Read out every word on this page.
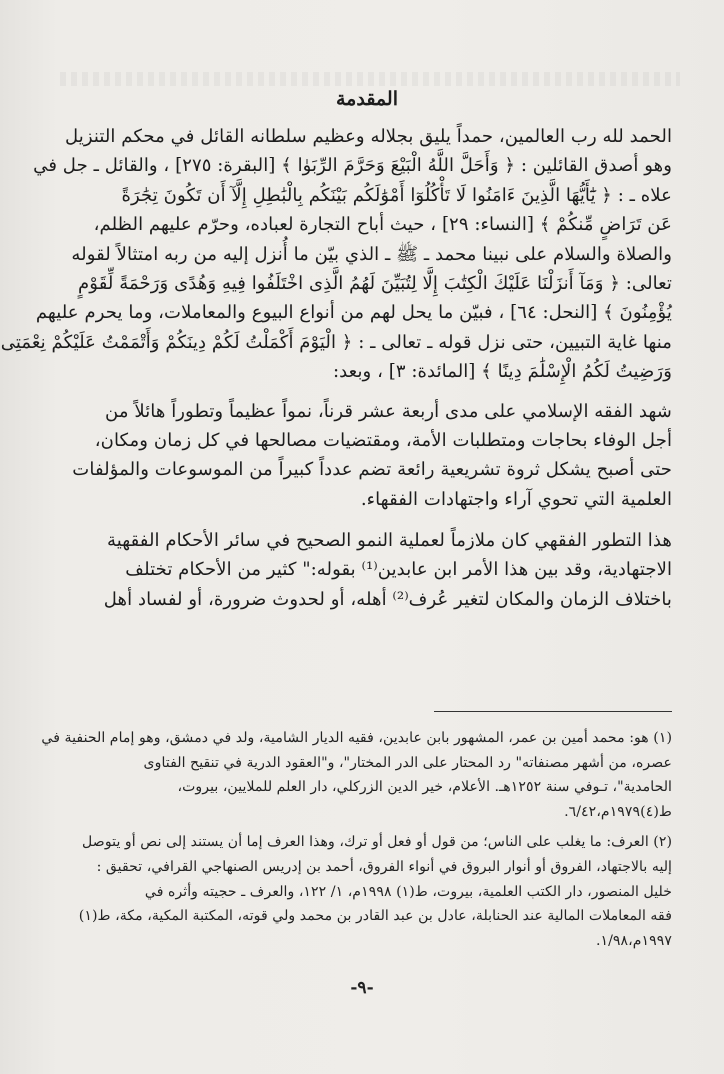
المقدمة

الحمد لله رب العالمين، حمداً يليق بجلاله وعظيم سلطانه القائل في محكم التنزيل
وهو أصدق القائلين : ﴿ وَأَحَلَّ اللَّهُ الْبَيْعَ وَحَرَّمَ الرِّبَوٰا ﴾ [البقرة: ٢٧٥] ، والقائل ـ جل في
علاه ـ : ﴿ يَٰٓأَيُّهَا الَّذِينَ ءَامَنُوا لَا تَأْكُلُوٓا أَمْوَٰلَكُم بَيْنَكُم بِالْبَٰطِلِ إِلَّآ أَن تَكُونَ تِجَٰرَةً
عَن تَرَاضٍ مِّنكُمْ ﴾ [النساء: ٢٩] ، حيث أباح التجارة لعباده، وحرّم عليهم الظلم،
والصلاة والسلام على نبينا محمد ـ ﷺ ـ الذي بيّن ما أُنزل إليه من ربه امتثالاً لقوله
تعالى: ﴿ وَمَآ أَنزَلْنَا عَلَيْكَ الْكِتَٰبَ إِلَّا لِتُبَيِّنَ لَهُمُ الَّذِى اخْتَلَفُوا فِيهِ وَهُدًى وَرَحْمَةً لِّقَوْمٍ
يُؤْمِنُونَ ﴾ [النحل: ٦٤] ، فبيّن ما يحل لهم من أنواع البيوع والمعاملات، وما يحرم عليهم
منها غاية التبيين، حتى نزل قوله ـ تعالى ـ : ﴿ الْيَوْمَ أَكْمَلْتُ لَكُمْ دِينَكُمْ وَأَتْمَمْتُ عَلَيْكُمْ نِعْمَتِى
وَرَضِيتُ لَكُمُ الْإِسْلَٰمَ دِينًا ﴾ [المائدة: ٣] ، وبعد:

شهد الفقه الإسلامي على مدى أربعة عشر قرناً، نمواً عظيماً وتطوراً هائلاً من
أجل الوفاء بحاجات ومتطلبات الأمة، ومقتضيات مصالحها في كل زمان ومكان،
حتى أصبح يشكل ثروة تشريعية رائعة تضم عدداً كبيراً من الموسوعات والمؤلفات
العلمية التي تحوي آراء واجتهادات الفقهاء.

هذا التطور الفقهي كان ملازماً لعملية النمو الصحيح في سائر الأحكام الفقهية
الاجتهادية، وقد بين هذا الأمر ابن عابدين⁽¹⁾ بقوله:" كثير من الأحكام تختلف
باختلاف الزمان والمكان لتغير عُرف⁽²⁾ أهله، أو لحدوث ضرورة، أو لفساد أهل

(١) هو: محمد أمين بن عمر، المشهور بابن عابدين، فقيه الديار الشامية، ولد في دمشق، وهو إمام الحنفية في
عصره، من أشهر مصنفاته" رد المحتار على الدر المختار"، و"العقود الدرية في تنقيح الفتاوى
الحامدية"، تـوفي سنة ١٢٥٢هـ. الأعلام، خير الدين الزركلي، دار العلم للملايين، بيروت،
ط(٤)١٩٧٩م،٦/٤٢.

(٢) العرف: ما يغلب على الناس؛ من قول أو فعل أو ترك، وهذا العرف إما أن يستند إلى نص أو يتوصل
إليه بالاجتهاد، الفروق أو أنوار البروق في أنواء الفروق، أحمد بن إدريس الصنهاجي القرافي، تحقيق :
خليل المنصور، دار الكتب العلمية، بيروت، ط(١) ١٩٩٨م، ١/ ١٢٢، والعرف ـ حجيته وأثره في
فقه المعاملات المالية عند الحنابلة، عادل بن عبد القادر بن محمد ولي قوته، المكتبة المكية، مكة، ط(١)
١٩٩٧م،١/٩٨.

-٩-
